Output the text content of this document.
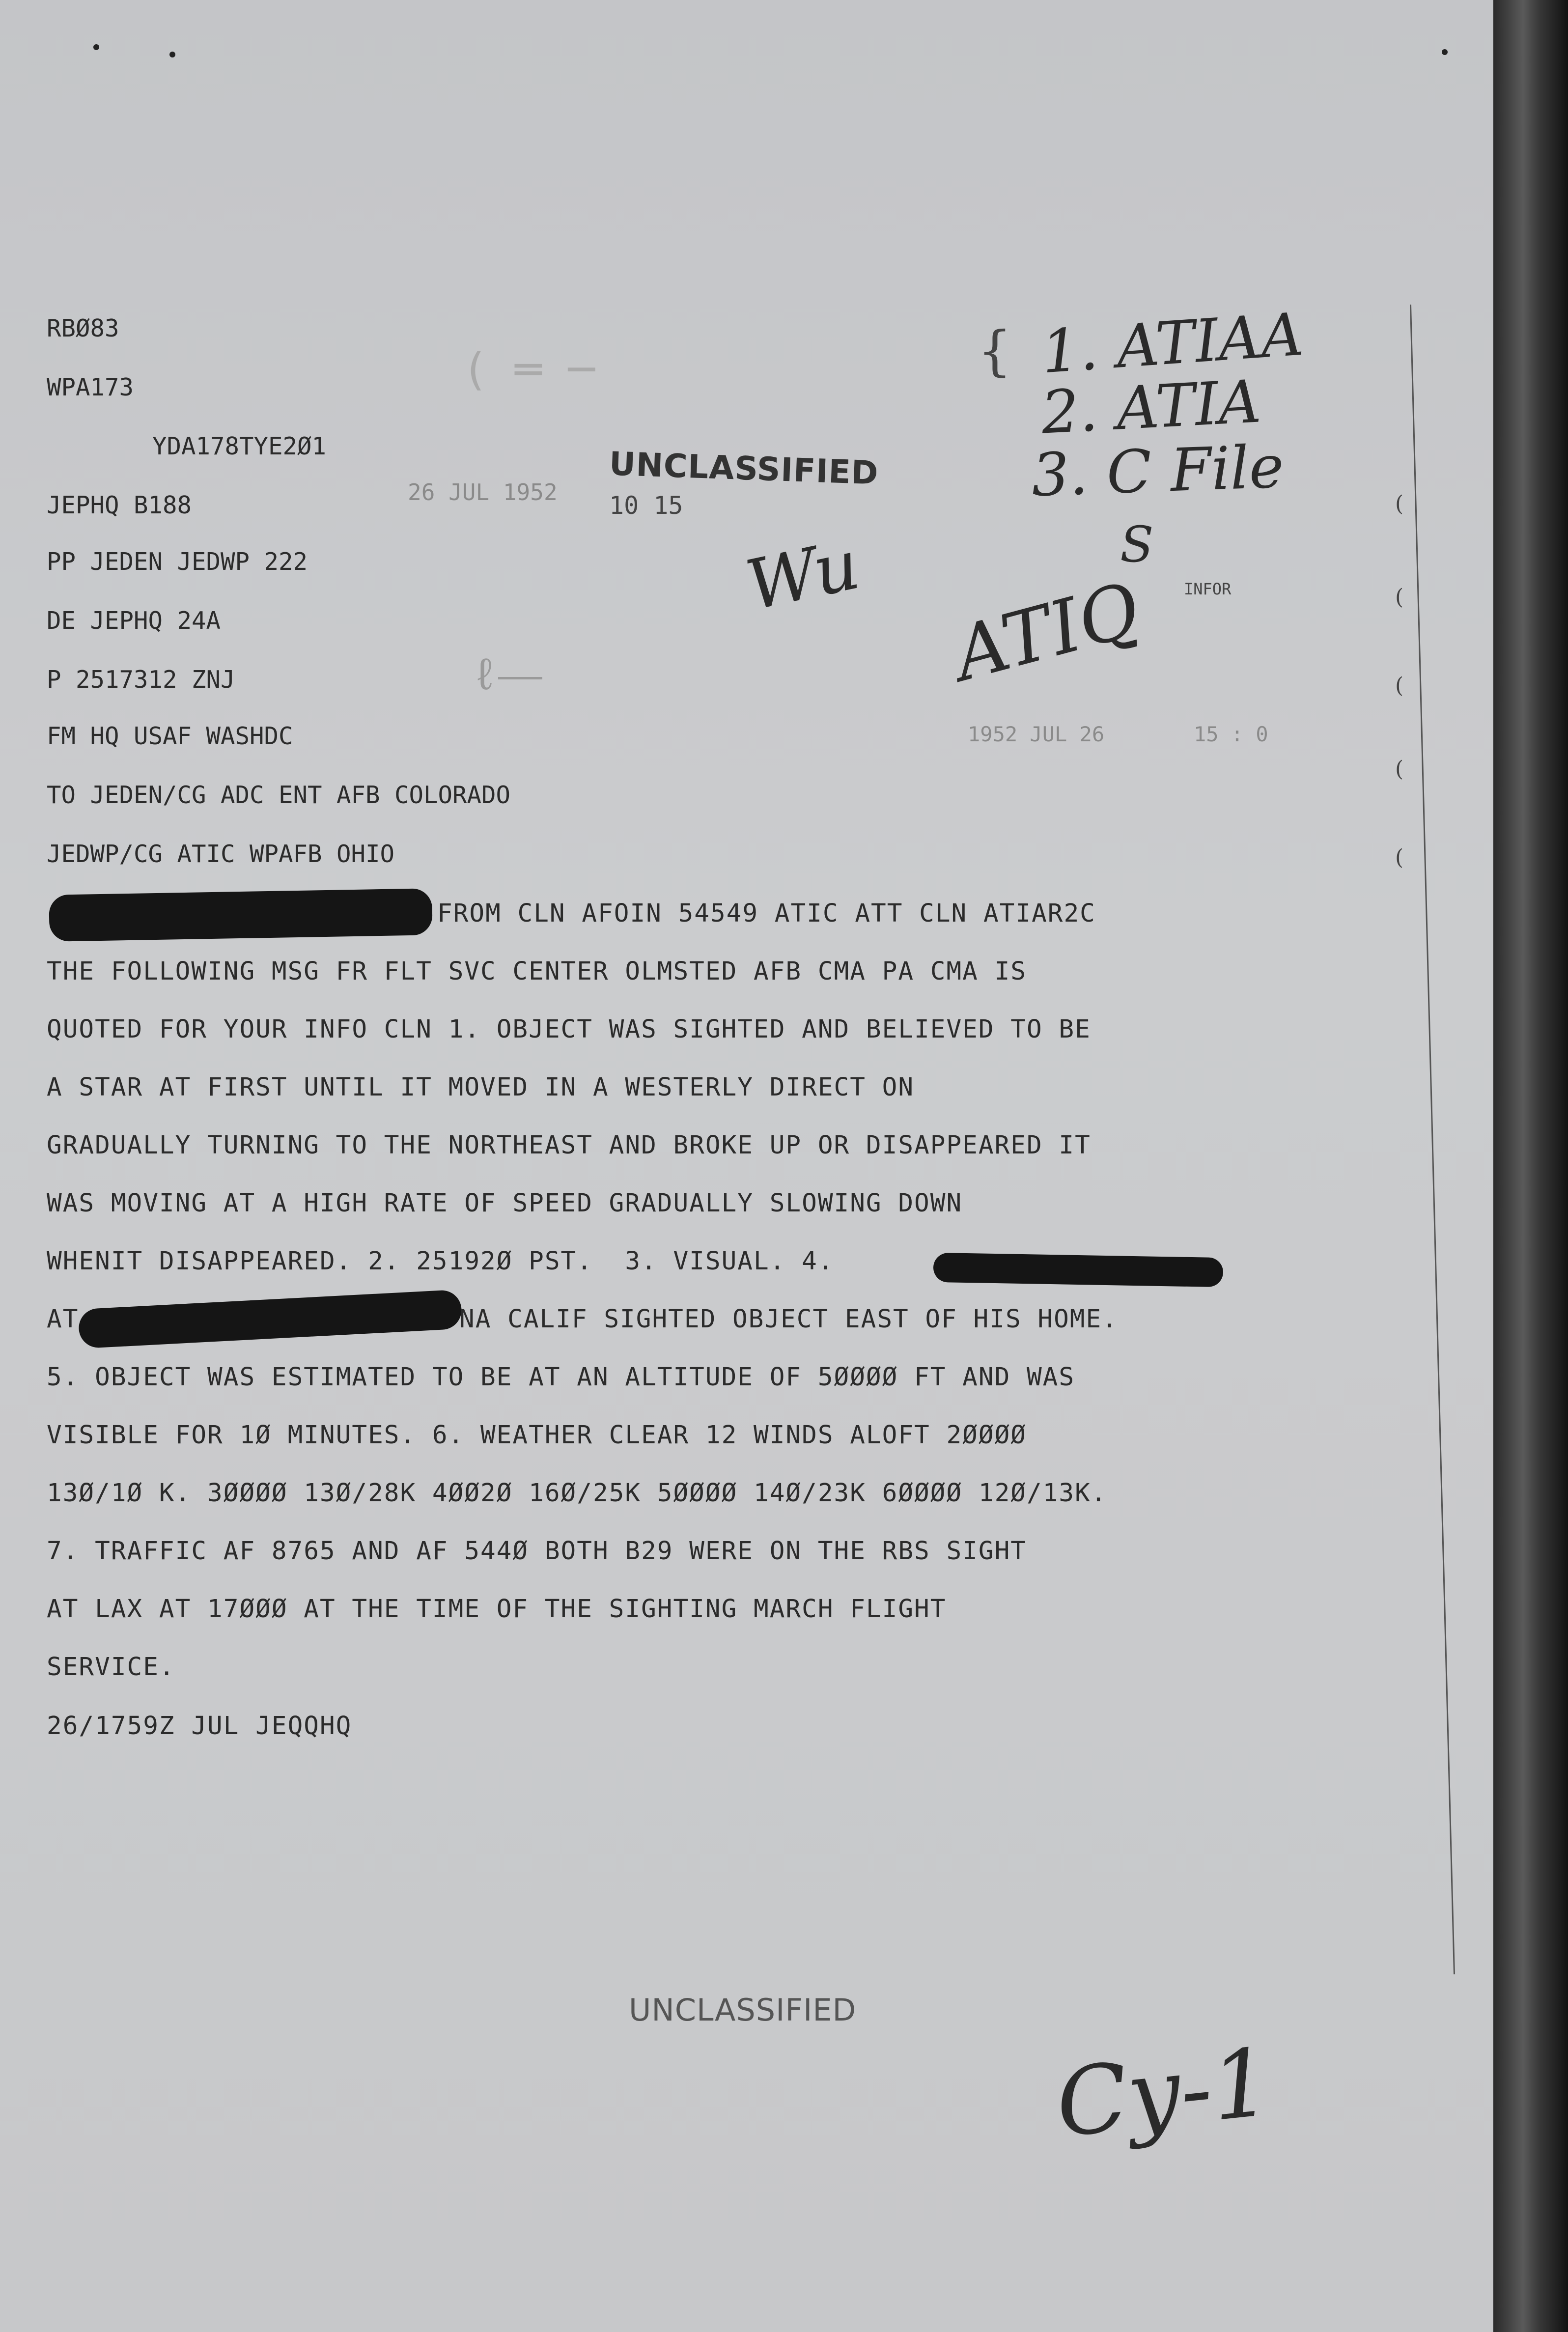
RBØ83
WPA173
YDA178TYE2Ø1
JEPHQ B188
PP JEDEN JEDWP 222
DE JEPHQ 24A
P 2517312 ZNJ
FM HQ USAF WASHDC
TO JEDEN/CG ADC ENT AFB COLORADO
JEDWP/CG ATIC WPAFB OHIO
26 JUL 1952
UNCLASSIFIED
10 15
1952 JUL 26	15 : 0
INFOR
( ═ ─
ℓ⎯⎯
1. ATIAA
2. ATIA
3. C File
Wu ATIQ
S
Cy-1
{
(
(
(
(
(
FROM CLN AFOIN 54549 ATIC ATT CLN ATIAR2C
THE FOLLOWING MSG FR FLT SVC CENTER OLMSTED AFB CMA PA CMA IS
QUOTED FOR YOUR INFO CLN 1. OBJECT WAS SIGHTED AND BELIEVED TO BE
A STAR AT FIRST UNTIL IT MOVED IN A WESTERLY DIRECT ON
GRADUALLY TURNING TO THE NORTHEAST AND BROKE UP OR DISAPPEARED IT
WAS MOVING AT A HIGH RATE OF SPEED GRADUALLY SLOWING DOWN
WHENIT DISAPPEARED. 2. 25192Ø PST.  3. VISUAL. 4.
AT	NA CALIF SIGHTED OBJECT EAST OF HIS HOME.
5. OBJECT WAS ESTIMATED TO BE AT AN ALTITUDE OF 5ØØØØ FT AND WAS
VISIBLE FOR 1Ø MINUTES. 6. WEATHER CLEAR 12 WINDS ALOFT 2ØØØØ
13Ø/1Ø K. 3ØØØØ 13Ø/28K 4ØØ2Ø 16Ø/25K 5ØØØØ 14Ø/23K 6ØØØØ 12Ø/13K.
7. TRAFFIC AF 8765 AND AF 544Ø BOTH B29 WERE ON THE RBS SIGHT
AT LAX AT 17ØØØ AT THE TIME OF THE SIGHTING MARCH FLIGHT
SERVICE.
26/1759Z JUL JEQQHQ
UNCLASSIFIED
